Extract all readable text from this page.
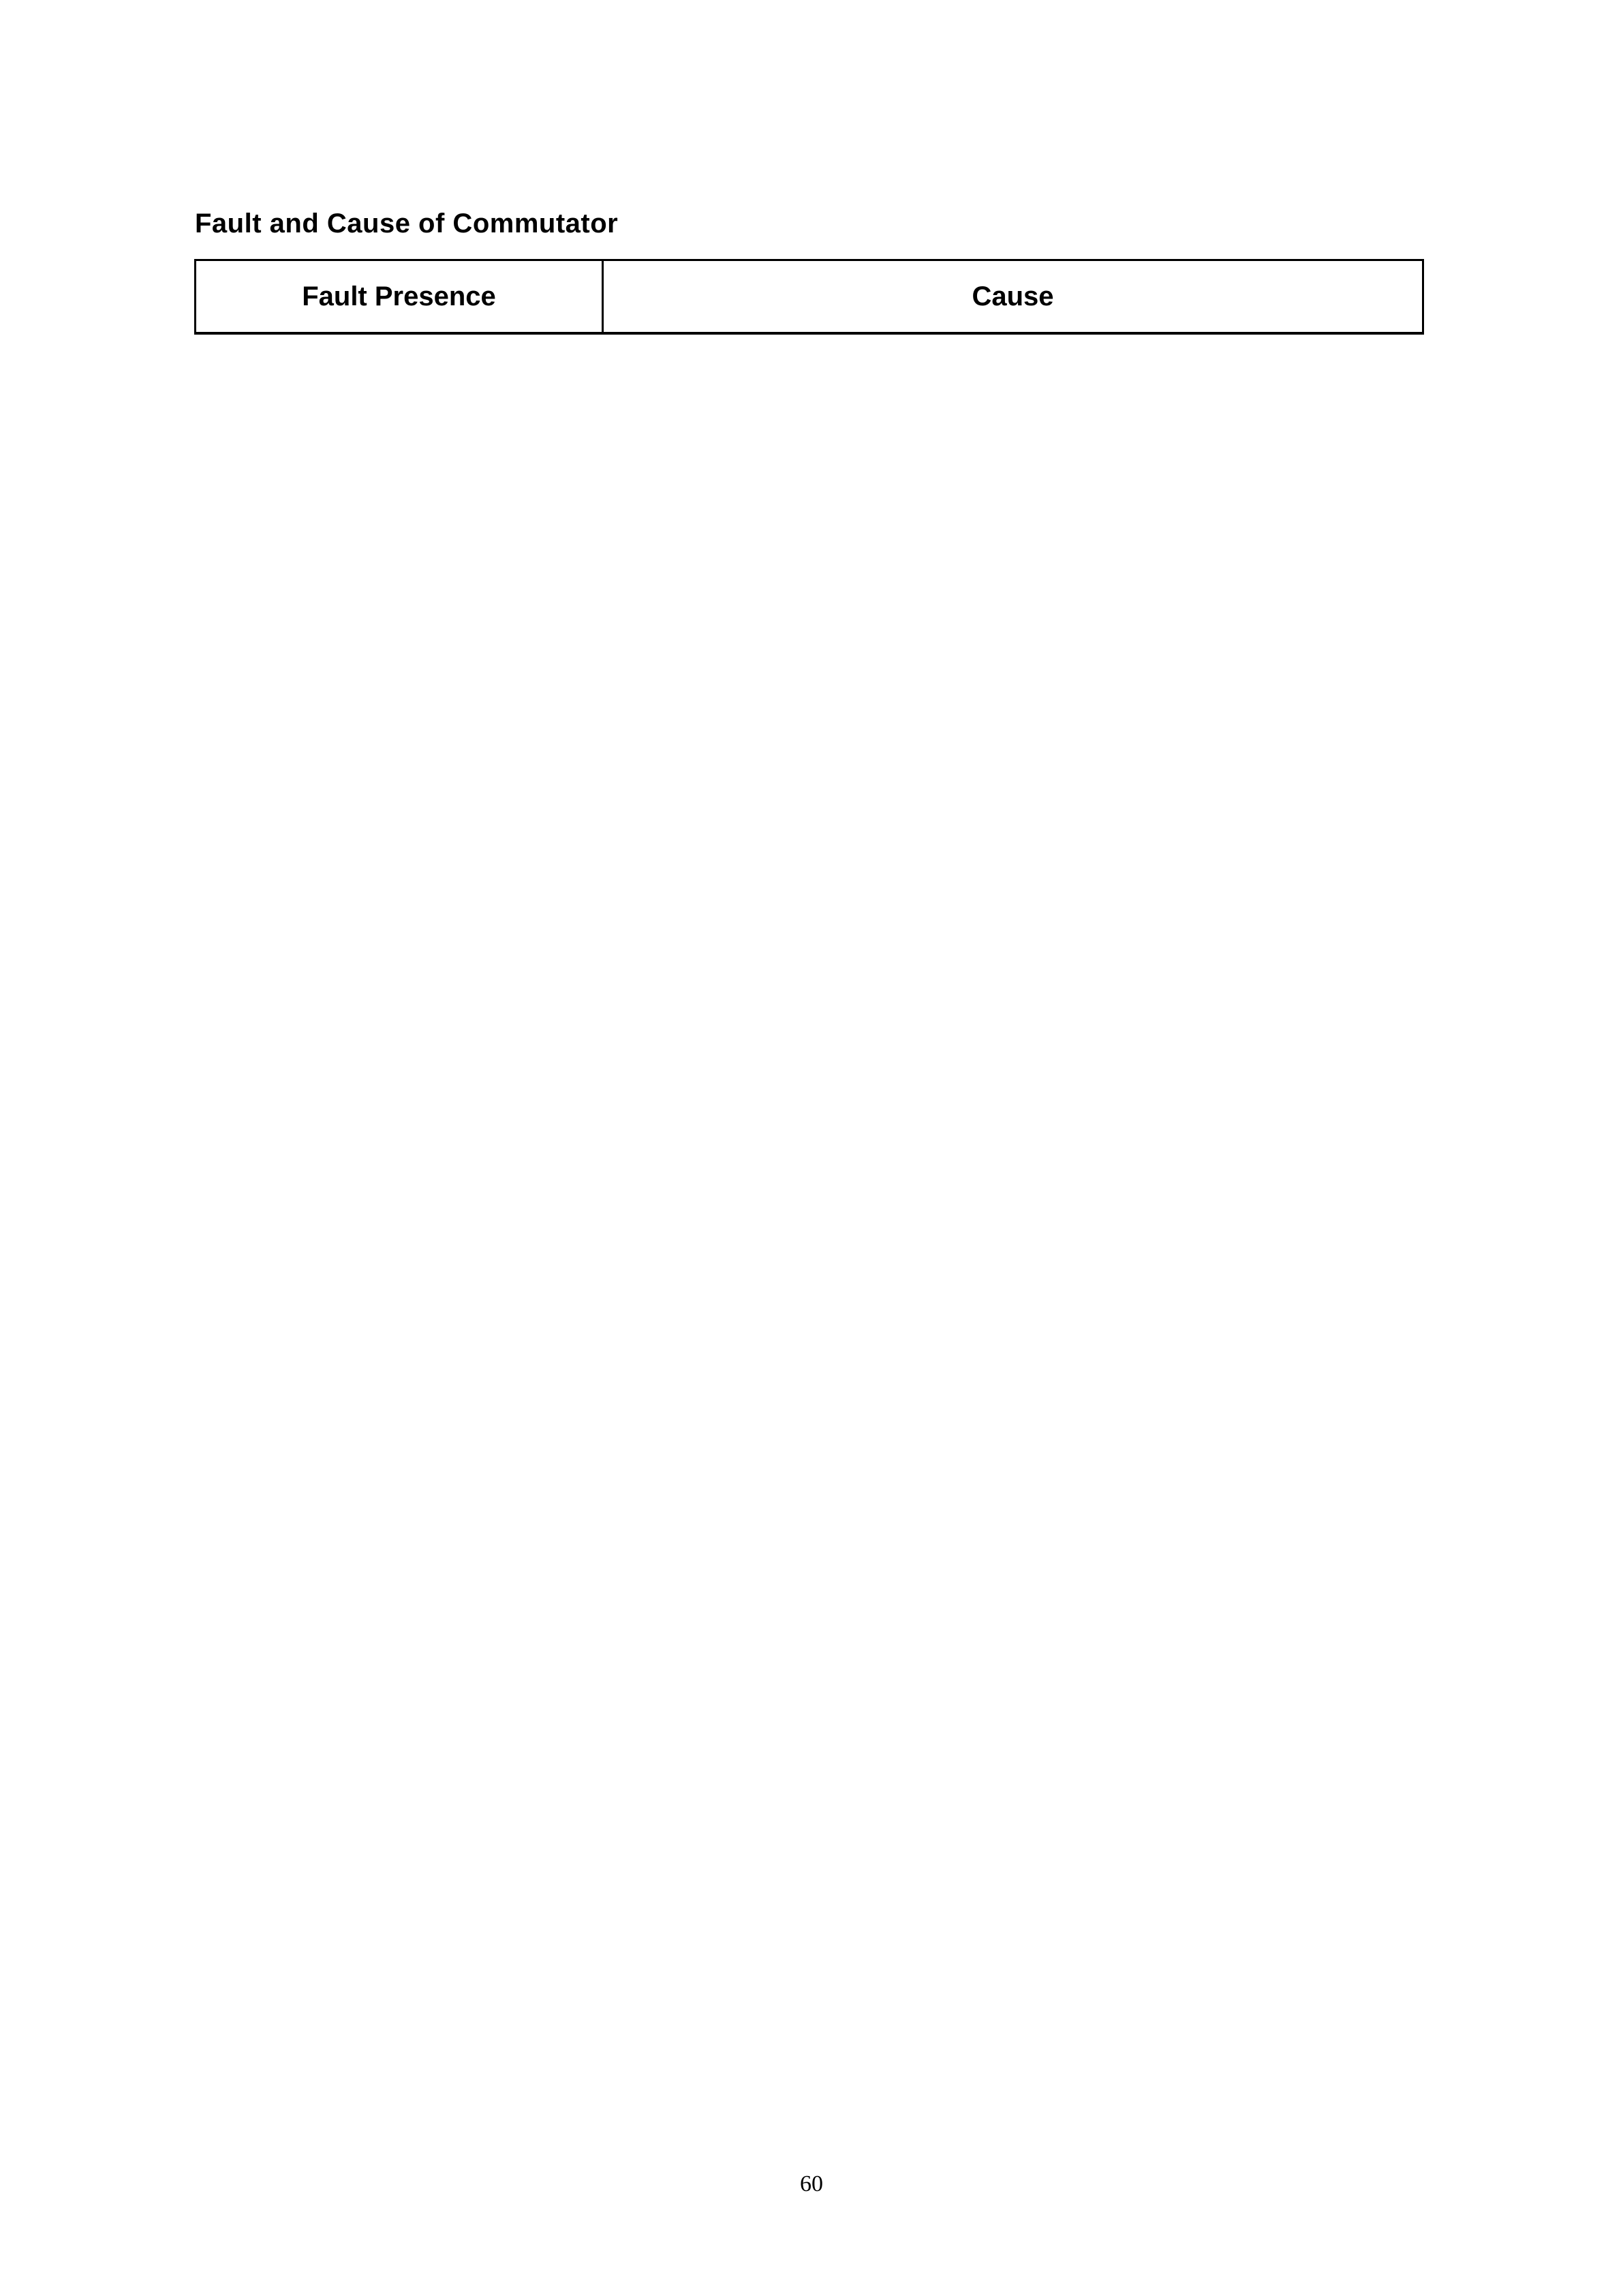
Fault and Cause of Commutator
Fault Presence	Cause
60
